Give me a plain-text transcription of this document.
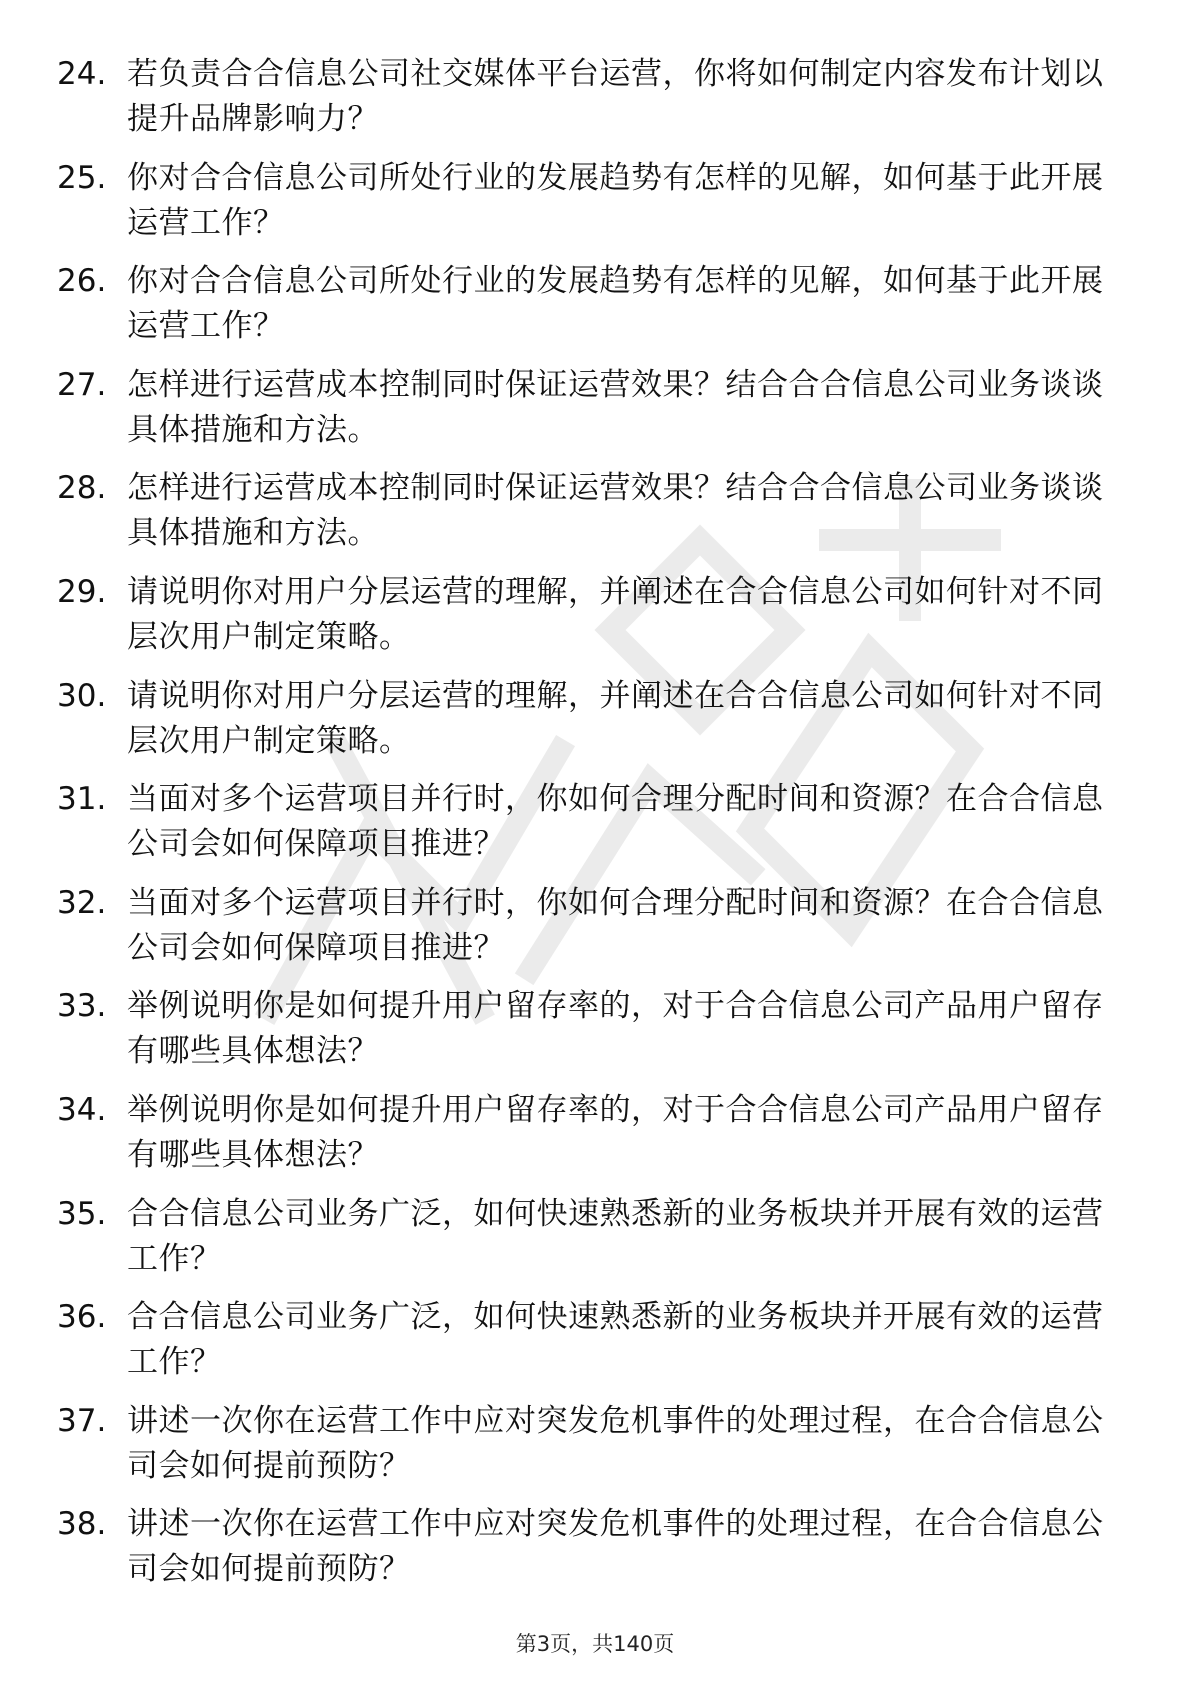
24. 若负责合合信息公司社交媒体平台运营，你将如何制定内容发布计划以提升品牌影响力？
25. 你对合合信息公司所处行业的发展趋势有怎样的见解，如何基于此开展运营工作？
26. 你对合合信息公司所处行业的发展趋势有怎样的见解，如何基于此开展运营工作？
27. 怎样进行运营成本控制同时保证运营效果？结合合合信息公司业务谈谈具体措施和方法。
28. 怎样进行运营成本控制同时保证运营效果？结合合合信息公司业务谈谈具体措施和方法。
29. 请说明你对用户分层运营的理解，并阐述在合合信息公司如何针对不同层次用户制定策略。
30. 请说明你对用户分层运营的理解，并阐述在合合信息公司如何针对不同层次用户制定策略。
31. 当面对多个运营项目并行时，你如何合理分配时间和资源？在合合信息公司会如何保障项目推进？
32. 当面对多个运营项目并行时，你如何合理分配时间和资源？在合合信息公司会如何保障项目推进？
33. 举例说明你是如何提升用户留存率的，对于合合信息公司产品用户留存有哪些具体想法？
34. 举例说明你是如何提升用户留存率的，对于合合信息公司产品用户留存有哪些具体想法？
35. 合合信息公司业务广泛，如何快速熟悉新的业务板块并开展有效的运营工作？
36. 合合信息公司业务广泛，如何快速熟悉新的业务板块并开展有效的运营工作？
37. 讲述一次你在运营工作中应对突发危机事件的处理过程，在合合信息公司会如何提前预防？
38. 讲述一次你在运营工作中应对突发危机事件的处理过程，在合合信息公司会如何提前预防？
第3页，共140页
